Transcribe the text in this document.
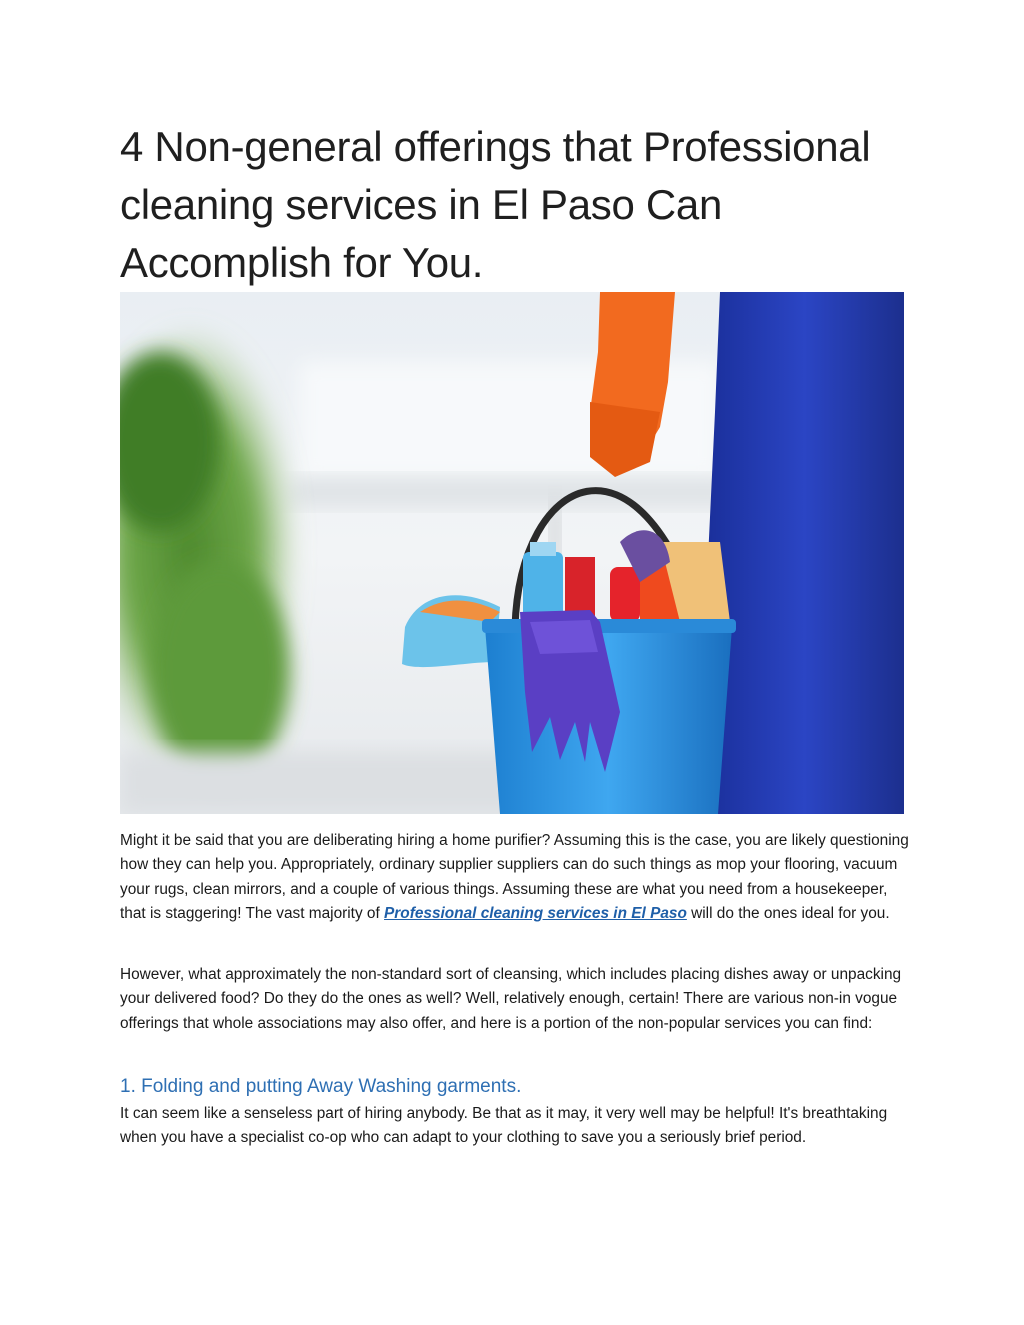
4 Non-general offerings that Professional cleaning services in El Paso Can Accomplish for You.

Might it be said that you are deliberating hiring a home purifier? Assuming this is the case, you are likely questioning how they can help you. Appropriately, ordinary supplier suppliers can do such things as mop your flooring, vacuum your rugs, clean mirrors, and a couple of various things. Assuming these are what you need from a housekeeper, that is staggering! The vast majority of Professional cleaning services in El Paso will do the ones ideal for you.

However, what approximately the non-standard sort of cleansing, which includes placing dishes away or unpacking your delivered food? Do they do the ones as well? Well, relatively enough, certain! There are various non-in vogue offerings that whole associations may also offer, and here is a portion of the non-popular services you can find:

1. Folding and putting Away Washing garments.

It can seem like a senseless part of hiring anybody. Be that as it may, it very well may be helpful! It's breathtaking when you have a specialist co-op who can adapt to your clothing to save you a seriously brief period.
